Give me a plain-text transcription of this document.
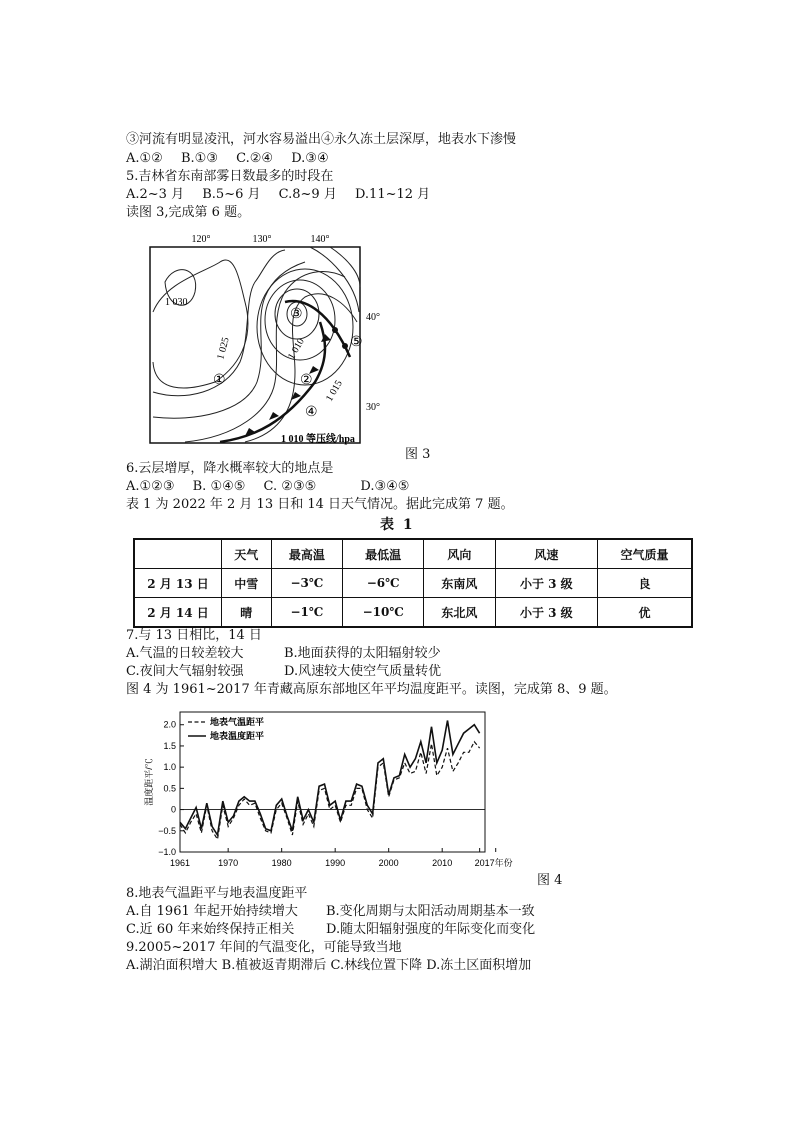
③河流有明显凌汛，河水容易溢出④永久冻土层深厚，地表水下渗慢
A.①② B.①③ C.②④ D.③④
5.吉林省东南部雾日数最多的时段在
A.2~3 月 B.5~6 月 C.8~9 月 D.11~12 月
读图 3,完成第 6 题。
120°	130°	140°
40°
30°
1 030
1 025	1 010
1 015
①	②
③
④
⑤
1 010 等压线/hpa
图 3
6.云层增厚，降水概率较大的地点是
A.①②③ B. ①④⑤ C. ②③⑤	D.③④⑤
表 1 为 2022 年 2 月 13 日和 14 日天气情况。据此完成第 7 题。
表 1
	天气	最高温	最低温	风向	风速	空气质量
2 月 13 日	中雪	−3℃	−6℃	东南风	小于 3 级	良
2 月 14 日	晴	−1℃	−10℃	东北风	小于 3 级	优
7.与 13 日相比，14 日
A.气温的日较差较大	B.地面获得的太阳辐射较少
C.夜间大气辐射较强	D.风速较大使空气质量转优
图 4 为 1961~2017 年青藏高原东部地区年平均温度距平。读图，完成第 8、9 题。
2.0
1.5
1.0
0.5
0
−0.5
−1.0
1961	1970	1980	1990	2000	2010 2017年份
温度距平/℃
地表气温距平
地表温度距平
图 4
8.地表气温距平与地表温度距平
A.自 1961 年起开始持续增大 B.变化周期与太阳活动周期基本一致
C.近 60 年来始终保持正相关 D.随太阳辐射强度的年际变化而变化
9.2005~2017 年间的气温变化，可能导致当地
A.湖泊面积增大 B.植被返青期滞后 C.林线位置下降 D.冻土区面积增加
